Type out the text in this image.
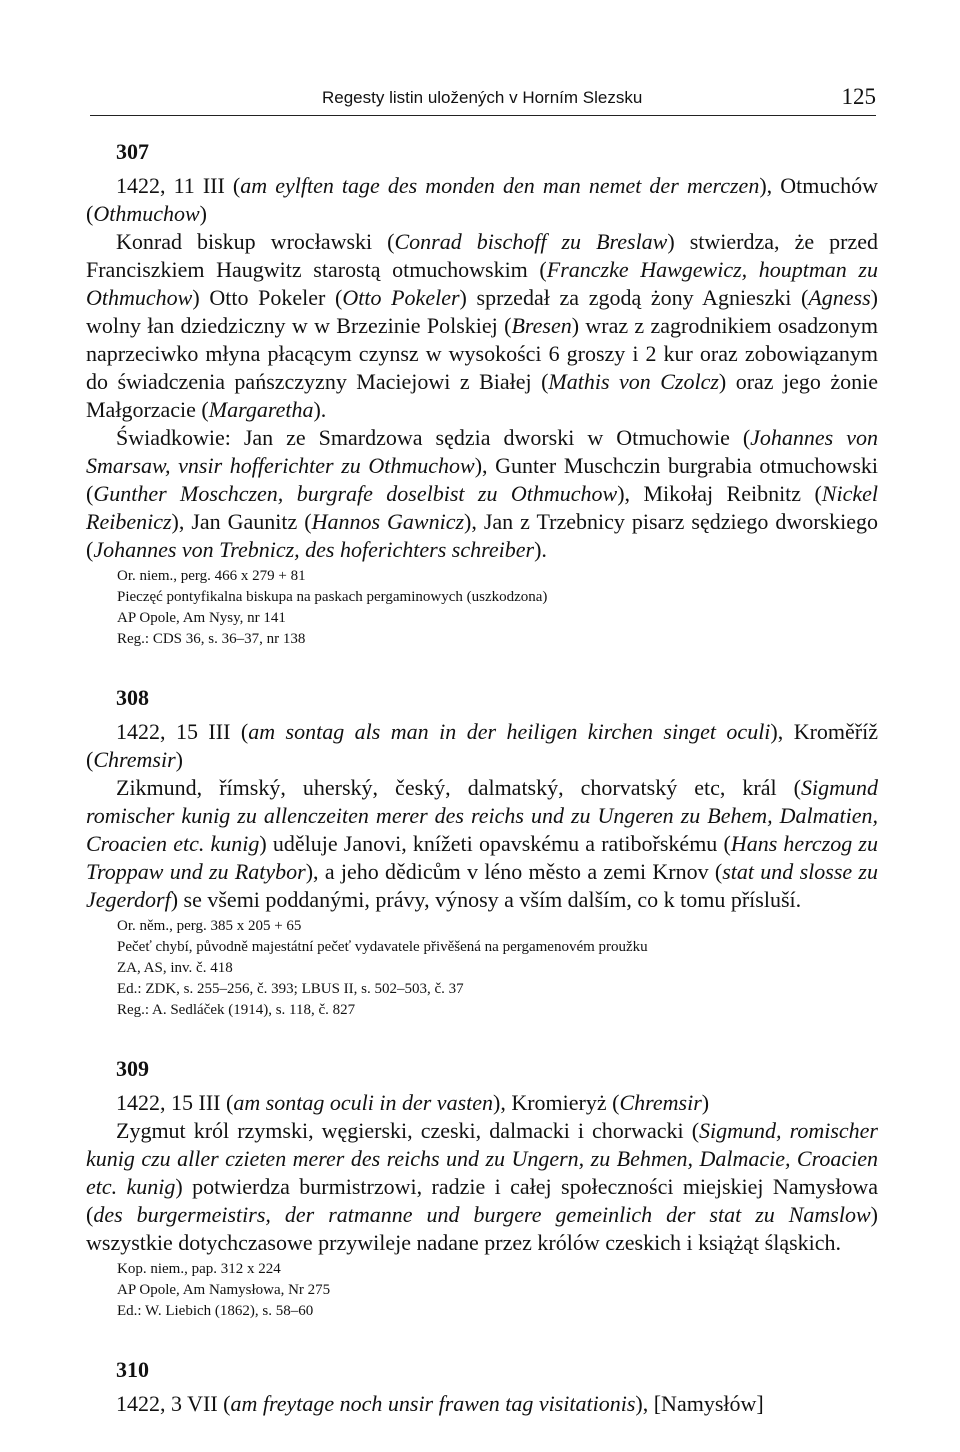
Regesty listin uložených v Horním Slezsku	125
307

1422, 11 III (am eylften tage des monden den man nemet der merczen), Otmuchów (Othmuchow)

Konrad biskup wrocławski (Conrad bischoff zu Breslaw) stwierdza, że przed Franciszkiem Haugwitz starostą otmuchowskim (Franczke Hawgewicz, houptman zu Othmuchow) Otto Pokeler (Otto Pokeler) sprzedał za zgodą żony Agnieszki (Agness) wolny łan dziedziczny w w Brzezinie Polskiej (Bresen) wraz z zagrodnikiem osadzonym naprzeciwko młyna płacącym czynsz w wysokości 6 groszy i 2 kur oraz zobowiązanym do świadczenia pańszczyzny Maciejowi z Białej (Mathis von Czolcz) oraz jego żonie Małgorzacie (Margaretha).

Świadkowie: Jan ze Smardzowa sędzia dworski w Otmuchowie (Johannes von Smarsaw, vnsir hofferichter zu Othmuchow), Gunter Muschczin burgrabia otmuchowski (Gunther Moschczen, burgrafe doselbist zu Othmuchow), Mikołaj Reibnitz (Nickel Reibenicz), Jan Gaunitz (Hannos Gawnicz), Jan z Trzebnicy pisarz sędziego dworskiego (Johannes von Trebnicz, des hoferichters schreiber).

Or. niem., perg. 466 x 279 + 81
Pieczęć pontyfikalna biskupa na paskach pergaminowych (uszkodzona)
AP Opole, Am Nysy, nr 141
Reg.: CDS 36, s. 36–37, nr 138
308

1422, 15 III (am sontag als man in der heiligen kirchen singet oculi), Kroměříž (Chremsir)

Zikmund, římský, uherský, český, dalmatský, chorvatský etc, král (Sigmund romischer kunig zu allenczeiten merer des reichs und zu Ungeren zu Behem, Dalmatien, Croacien etc. kunig) uděluje Janovi, knížeti opavskému a ratibořskému (Hans herczog zu Troppaw und zu Ratybor), a jeho dědicům v léno město a zemi Krnov (stat und slosse zu Jegerdorf) se všemi poddanými, právy, výnosy a vším dalším, co k tomu přísluší.

Or. něm., perg. 385 x 205 + 65
Pečeť chybí, původně majestátní pečeť vydavatele přivěšená na pergamenovém proužku
ZA, AS, inv. č. 418
Ed.: ZDK, s. 255–256, č. 393; LBUS II, s. 502–503, č. 37
Reg.: A. Sedláček (1914), s. 118, č. 827
309

1422, 15 III (am sontag oculi in der vasten), Kromieryż (Chremsir)

Zygmut król rzymski, węgierski, czeski, dalmacki i chorwacki (Sigmund, romischer kunig czu aller czieten merer des reichs und zu Ungern, zu Behmen, Dalmacie, Croacien etc. kunig) potwierdza burmistrzowi, radzie i całej społeczności miejskiej Namysłowa (des burgermeistirs, der ratmanne und burgere gemeinlich der stat zu Namslow) wszystkie dotychczasowe przywileje nadane przez królów czeskich i książąt śląskich.

Kop. niem., pap. 312 x 224
AP Opole, Am Namysłowa, Nr 275
Ed.: W. Liebich (1862), s. 58–60
310

1422, 3 VII (am freytage noch unsir frawen tag visitationis), [Namysłów]
